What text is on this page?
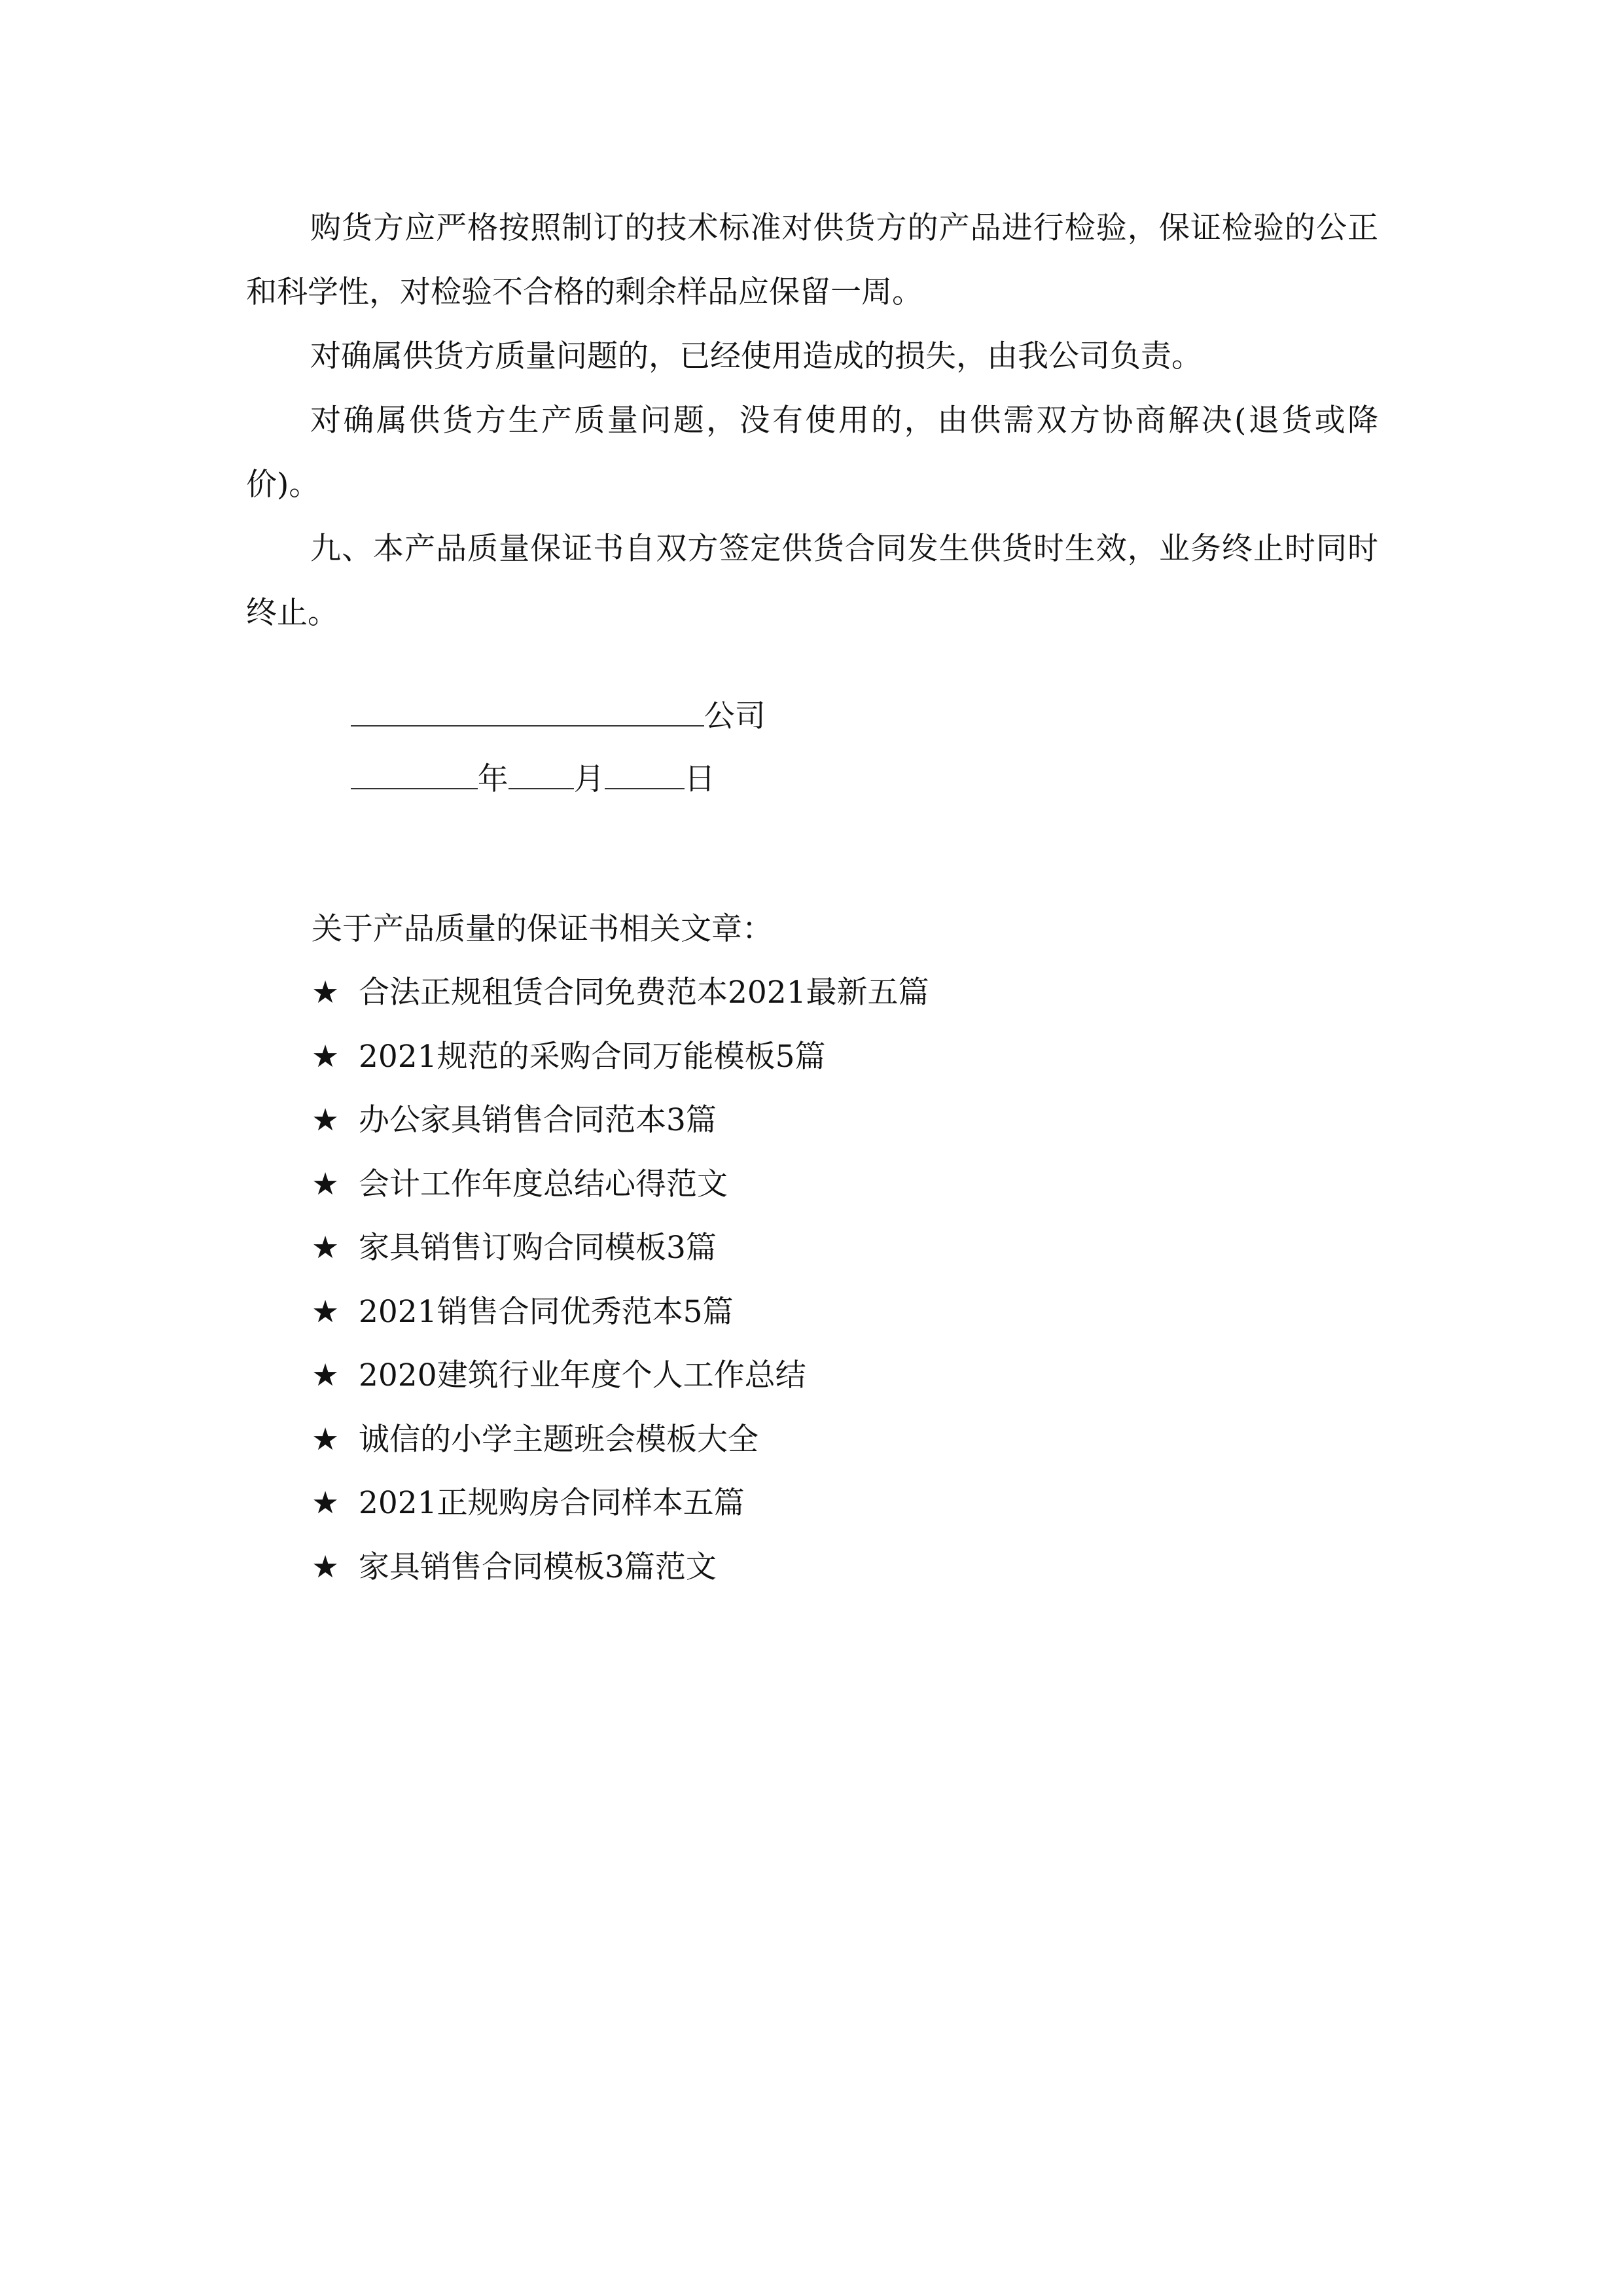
购货方应严格按照制订的技术标准对供货方的产品进行检验，保证检验的公正和科学性，对检验不合格的剩余样品应保留一周。

对确属供货方质量问题的，已经使用造成的损失，由我公司负责。

对确属供货方生产质量问题，没有使用的，由供需双方协商解决(退货或降价)。

九、本产品质量保证书自双方签定供货合同发生供货时生效，业务终止时同时终止。

公司

年 月	日

关于产品质量的保证书相关文章：
★ 合法正规租赁合同免费范本2021最新五篇
★ 2021规范的采购合同万能模板5篇
★ 办公家具销售合同范本3篇
★ 会计工作年度总结心得范文
★ 家具销售订购合同模板3篇
★ 2021销售合同优秀范本5篇
★ 2020建筑行业年度个人工作总结
★ 诚信的小学主题班会模板大全
★ 2021正规购房合同样本五篇
★ 家具销售合同模板3篇范文
